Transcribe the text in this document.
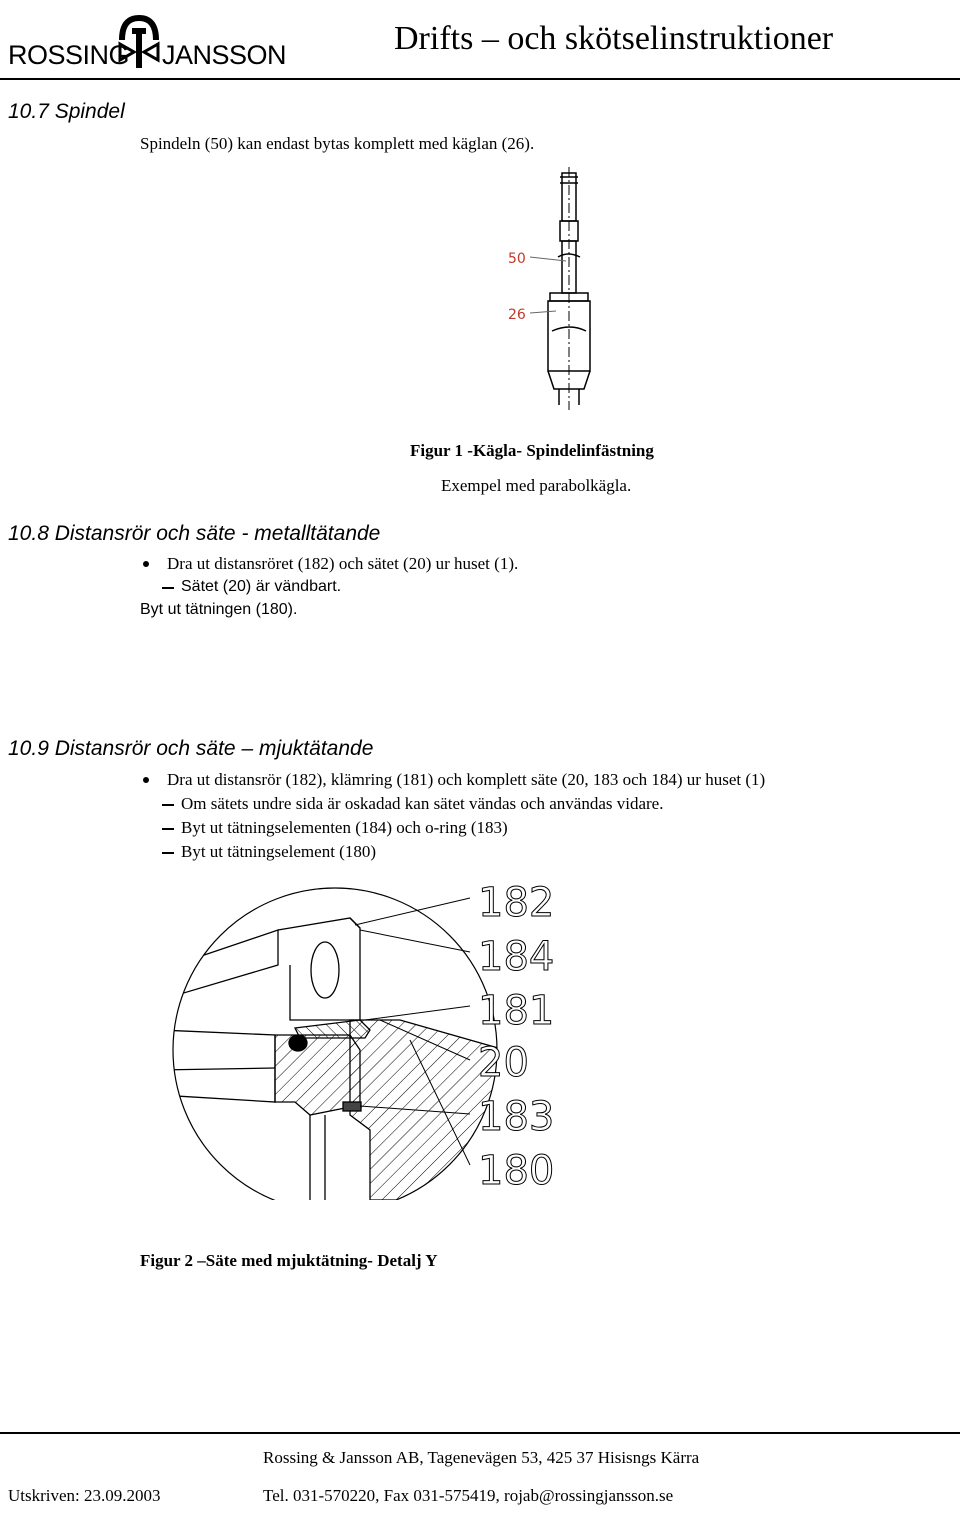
ROSSING JANSSON	Drifts – och skötselinstruktioner
10.7 Spindel
Spindeln (50) kan endast bytas komplett med käglan (26).
50
26
Figur 1 -Kägla- Spindelinfästning
Exempel med parabolkägla.
10.8 Distansrör och säte - metalltätande
Dra ut distansröret (182) och sätet (20) ur huset (1).
Sätet (20) är vändbart.
Byt ut tätningen (180).
10.9 Distansrör och säte – mjuktätande
Dra ut distansrör (182), klämring (181) och komplett säte (20, 183 och 184) ur huset (1)
Om sätets undre sida är oskadad kan sätet vändas och användas vidare.
Byt ut tätningselementen (184) och o-ring (183)
Byt ut tätningselement (180)
182
184
181
20
183
180
Figur 2 –Säte med mjuktätning- Detalj Y
Rossing & Jansson AB, Tagenevägen 53, 425 37 Hisisngs Kärra
Utskriven: 23.09.2003	Tel. 031-570220, Fax 031-575419, rojab@rossingjansson.se
